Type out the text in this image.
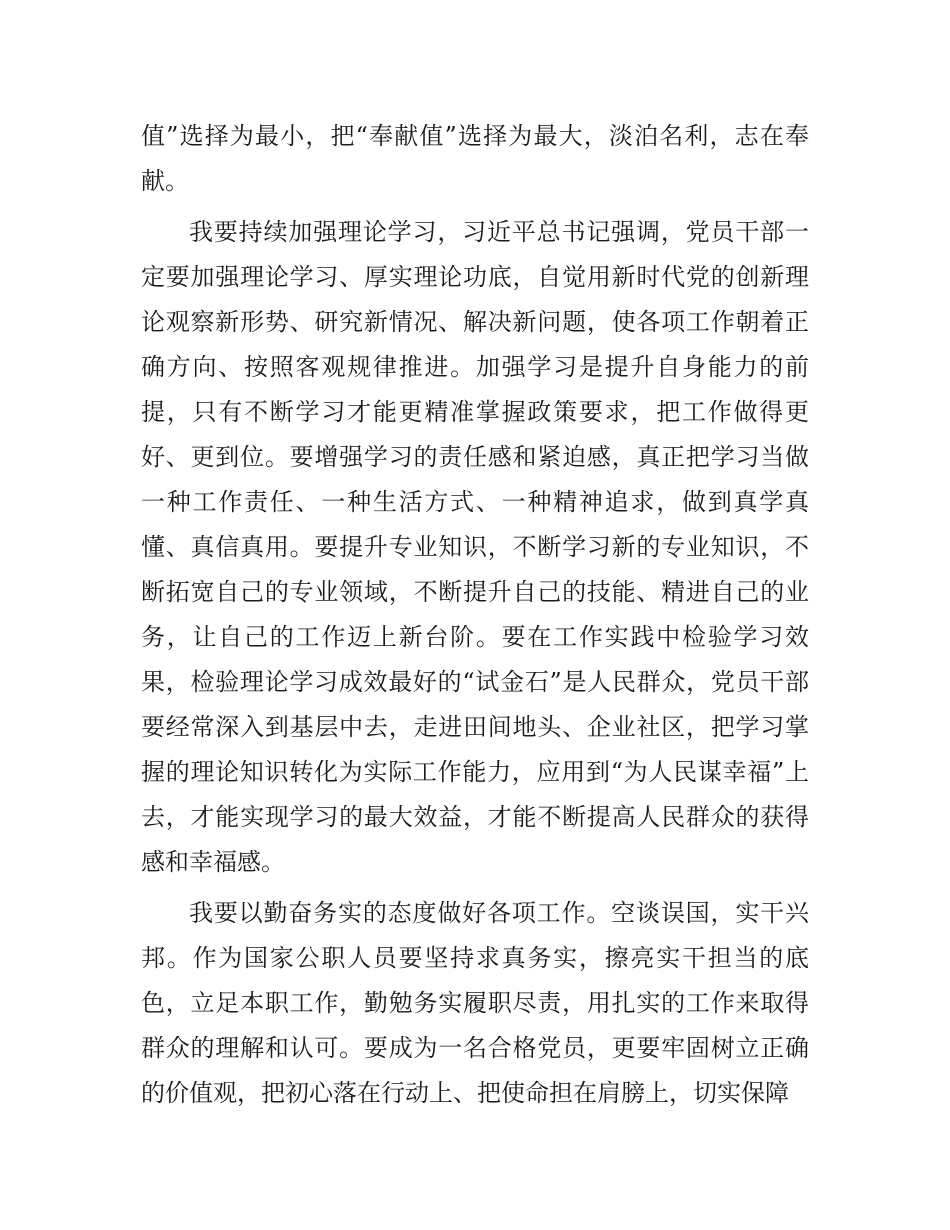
值”选择为最小，把“奉献值”选择为最大，淡泊名利，志在奉献。

我要持续加强理论学习，习近平总书记强调，党员干部一定要加强理论学习、厚实理论功底，自觉用新时代党的创新理论观察新形势、研究新情况、解决新问题，使各项工作朝着正确方向、按照客观规律推进。加强学习是提升自身能力的前提，只有不断学习才能更精准掌握政策要求，把工作做得更好、更到位。要增强学习的责任感和紧迫感，真正把学习当做一种工作责任、一种生活方式、一种精神追求，做到真学真懂、真信真用。要提升专业知识，不断学习新的专业知识，不断拓宽自己的专业领域，不断提升自己的技能、精进自己的业务，让自己的工作迈上新台阶。要在工作实践中检验学习效果，检验理论学习成效最好的“试金石”是人民群众，党员干部要经常深入到基层中去，走进田间地头、企业社区，把学习掌握的理论知识转化为实际工作能力，应用到“为人民谋幸福”上去，才能实现学习的最大效益，才能不断提高人民群众的获得感和幸福感。

我要以勤奋务实的态度做好各项工作。空谈误国，实干兴邦。作为国家公职人员要坚持求真务实，擦亮实干担当的底色，立足本职工作，勤勉务实履职尽责，用扎实的工作来取得群众的理解和认可。要成为一名合格党员，更要牢固树立正确的价值观，把初心落在行动上、把使命担在肩膀上，切实保障
